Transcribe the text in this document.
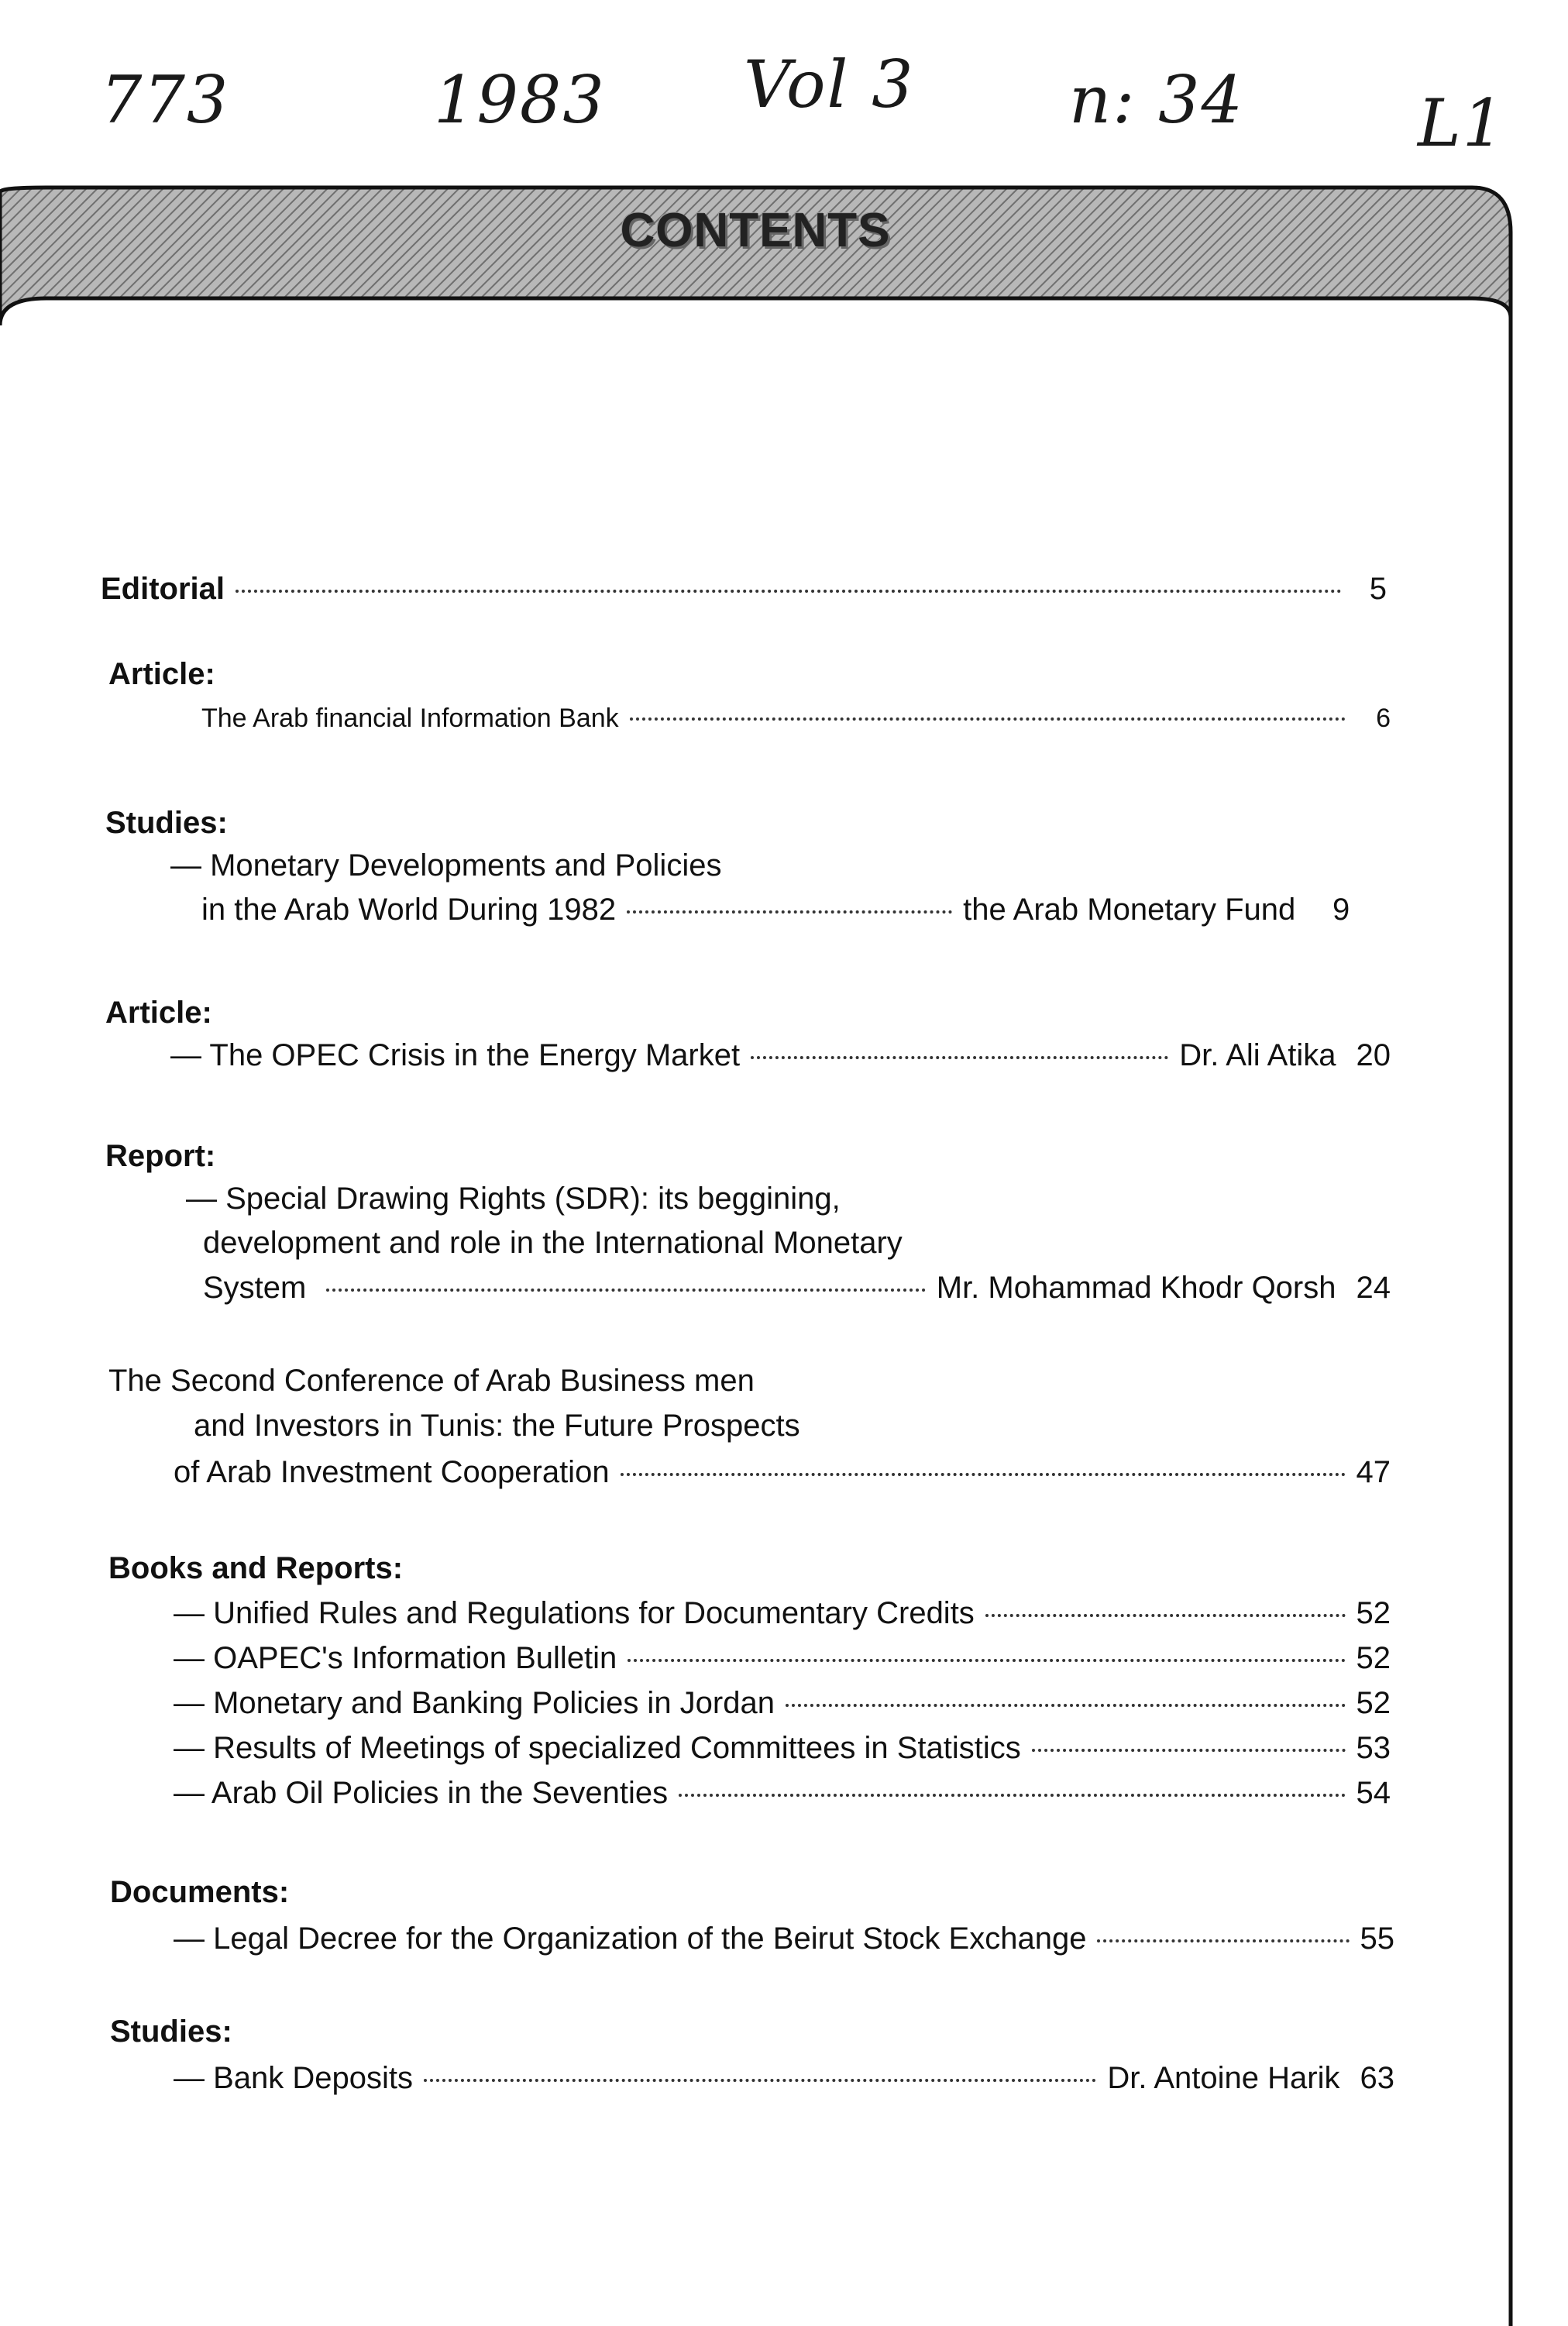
773	1983 Vol 3 n: 34	L1
CONTENTS
Editorial	5
Article:
The Arab financial Information Bank	6
Studies:
— Monetary Developments and Policies
in the Arab World During 1982	the Arab Monetary Fund	9
Article:
— The OPEC Crisis in the Energy Market	Dr. Ali Atika 20
Report:
— Special Drawing Rights (SDR): its beggining,
development and role in the International Monetary
System	Mr. Mohammad Khodr Qorsh 24
The Second Conference of Arab Business men
and Investors in Tunis: the Future Prospects
of Arab Investment Cooperation	47
Books and Reports:
— Unified Rules and Regulations for Documentary Credits	52
— OAPEC's Information Bulletin	52
— Monetary and Banking Policies in Jordan	52
— Results of Meetings of specialized Committees in Statistics	53
— Arab Oil Policies in the Seventies	54
Documents:
— Legal Decree for the Organization of the Beirut Stock Exchange	55
Studies:
— Bank Deposits	Dr. Antoine Harik 63
